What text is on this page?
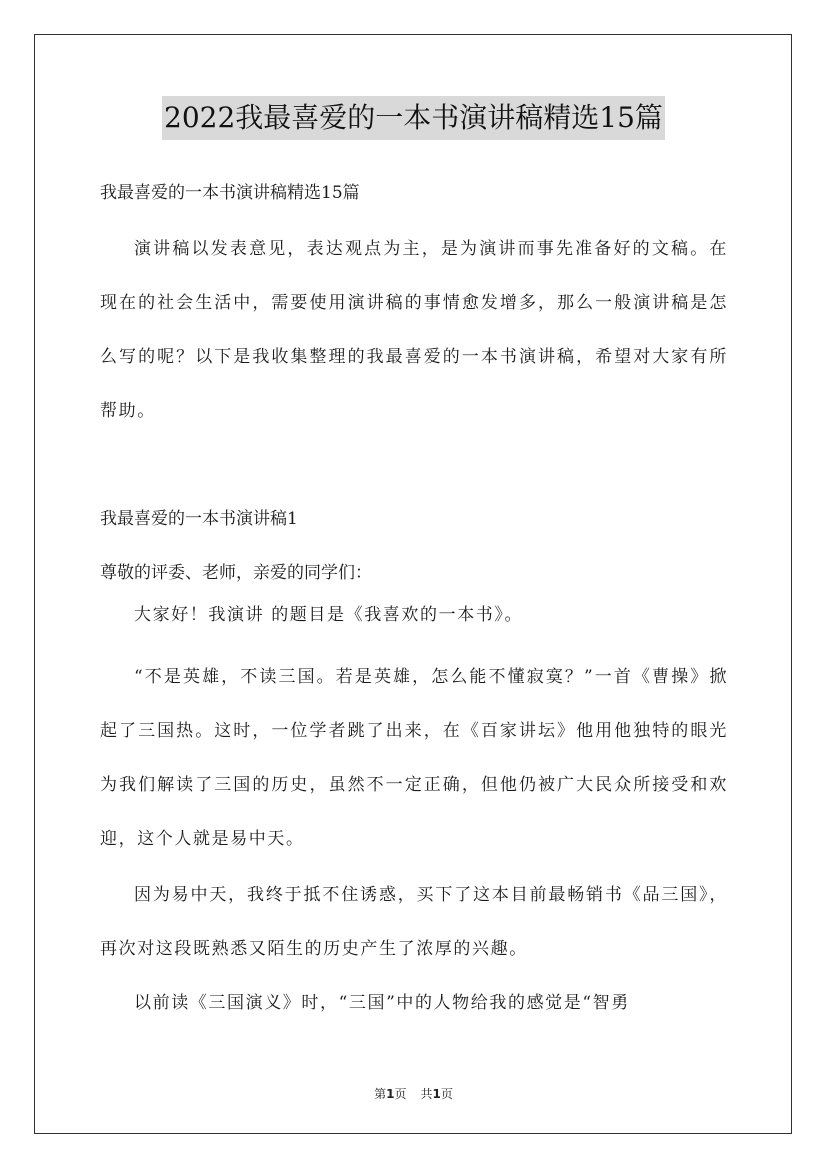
2022我最喜爱的一本书演讲稿精选15篇
我最喜爱的一本书演讲稿精选15篇
演讲稿以发表意见，表达观点为主，是为演讲而事先准备好的文稿。在现在的社会生活中，需要使用演讲稿的事情愈发增多，那么一般演讲稿是怎么写的呢？以下是我收集整理的我最喜爱的一本书演讲稿，希望对大家有所帮助。
我最喜爱的一本书演讲稿1
尊敬的评委、老师，亲爱的同学们：
大家好！我演讲 的题目是《我喜欢的一本书》。
“不是英雄，不读三国。若是英雄，怎么能不懂寂寞？”一首《曹操》掀起了三国热。这时，一位学者跳了出来，在《百家讲坛》他用他独特的眼光为我们解读了三国的历史，虽然不一定正确，但他仍被广大民众所接受和欢迎，这个人就是易中天。
因为易中天，我终于抵不住诱惑，买下了这本目前最畅销书《品三国》，再次对这段既熟悉又陌生的历史产生了浓厚的兴趣。
以前读《三国演义》时，“三国”中的人物给我的感觉是“智勇
第1页 共1页
